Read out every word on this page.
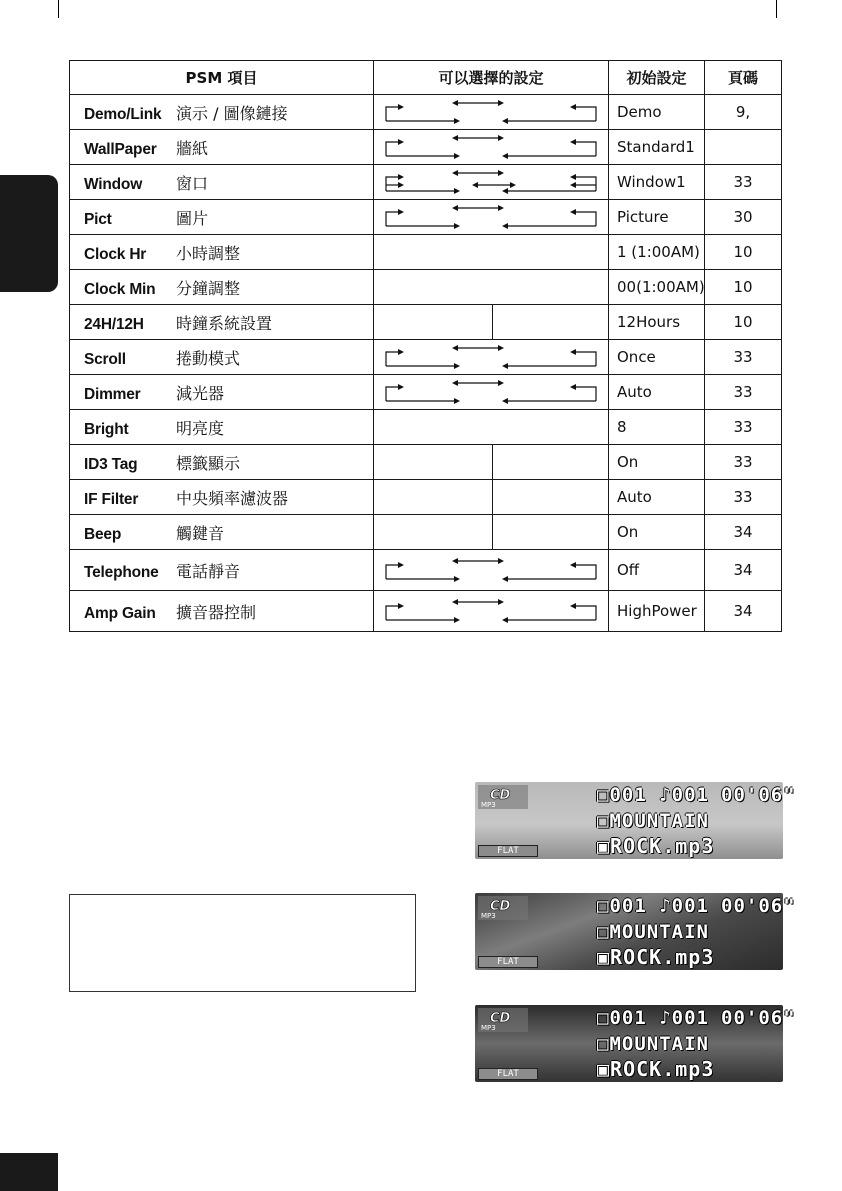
PSM 項目	可以選擇的設定	初始設定	頁碼
Demo/Link 演示 / 圖像鏈接		Demo	9,
WallPaper 牆紙		Standard1	
Window 窗口		Window1	33
Pict 圖片		Picture	30
Clock Hr 小時調整		1 (1:00AM)	10
Clock Min 分鐘調整		00(1:00AM)	10
24H/12H 時鐘系統設置		12Hours	10
Scroll 捲動模式		Once	33
Dimmer 減光器		Auto	33
Bright 明亮度		8	33
ID3 Tag 標籤顯示		On	33
IF Filter 中央頻率濾波器		Auto	33
Beep 觸鍵音		On	34
Telephone 電話靜音		Off	34
Amp Gain 擴音器控制		HighPower	34
CD
MP3	□001 ♪001 00'06"
□MOUNTAIN
▣ROCK.mp3
FLAT
CD
MP3	□001 ♪001 00'06"
□MOUNTAIN
▣ROCK.mp3
FLAT
CD
MP3	□001 ♪001 00'06"
□MOUNTAIN
▣ROCK.mp3
FLAT
